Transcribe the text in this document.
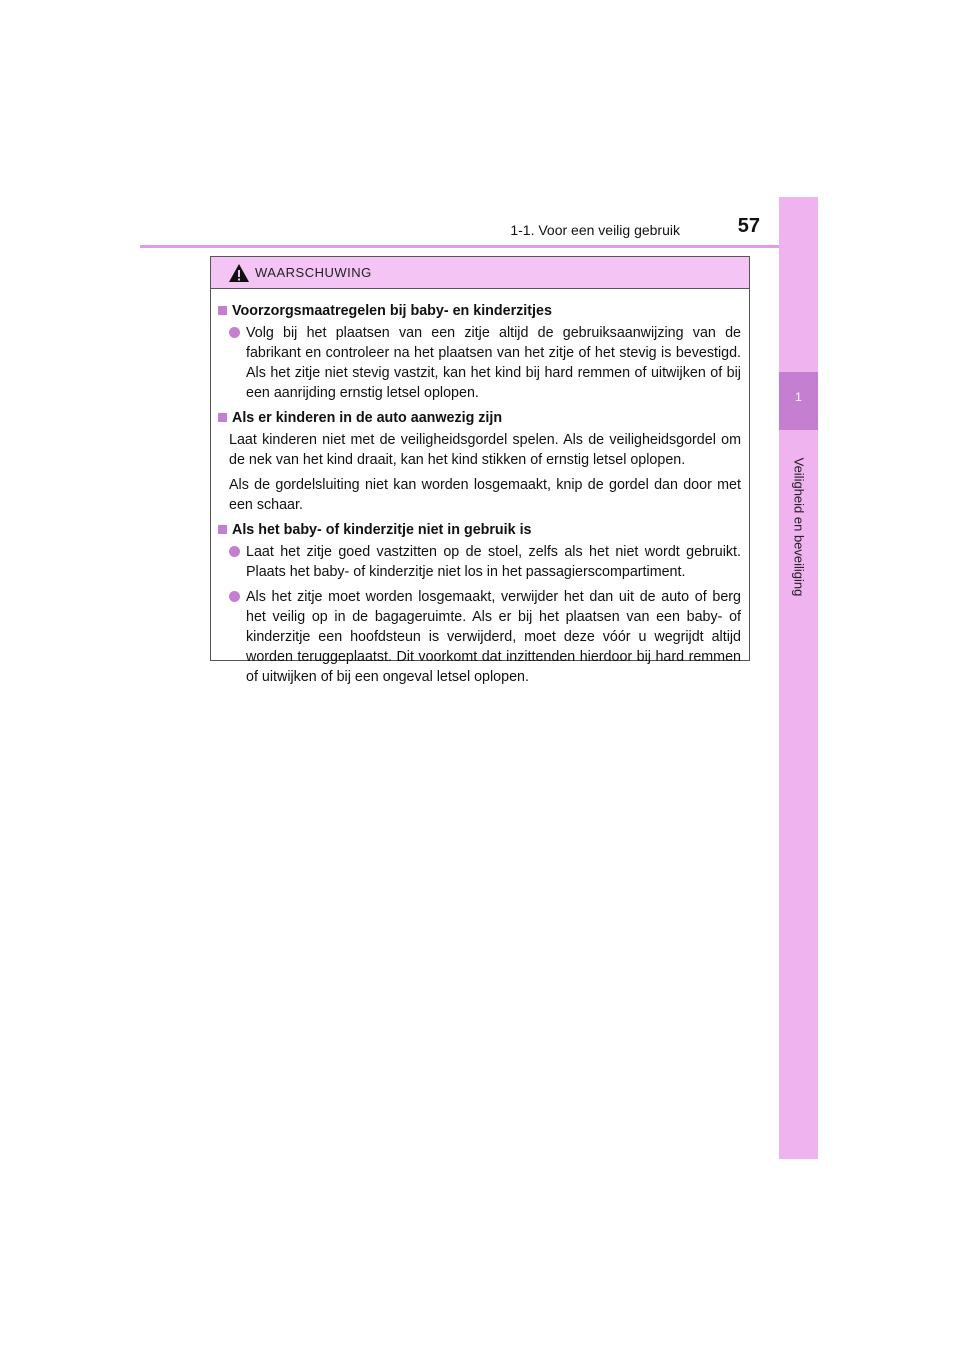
1-1. Voor een veilig gebruik	57
1
Veiligheid en beveiliging
WAARSCHUWING
Voorzorgsmaatregelen bij baby- en kinderzitjes
Volg bij het plaatsen van een zitje altijd de gebruiksaanwijzing van de fabrikant en controleer na het plaatsen van het zitje of het stevig is bevestigd. Als het zitje niet stevig vastzit, kan het kind bij hard remmen of uitwijken of bij een aanrijding ernstig letsel oplopen.
Als er kinderen in de auto aanwezig zijn
Laat kinderen niet met de veiligheidsgordel spelen. Als de veiligheidsgordel om de nek van het kind draait, kan het kind stikken of ernstig letsel oplopen.
Als de gordelsluiting niet kan worden losgemaakt, knip de gordel dan door met een schaar.
Als het baby- of kinderzitje niet in gebruik is
Laat het zitje goed vastzitten op de stoel, zelfs als het niet wordt gebruikt. Plaats het baby- of kinderzitje niet los in het passagierscompartiment.
Als het zitje moet worden losgemaakt, verwijder het dan uit de auto of berg het veilig op in de bagageruimte. Als er bij het plaatsen van een baby- of kinderzitje een hoofdsteun is verwijderd, moet deze vóór u wegrijdt altijd worden teruggeplaatst. Dit voorkomt dat inzittenden hierdoor bij hard remmen of uitwijken of bij een ongeval letsel oplopen.
